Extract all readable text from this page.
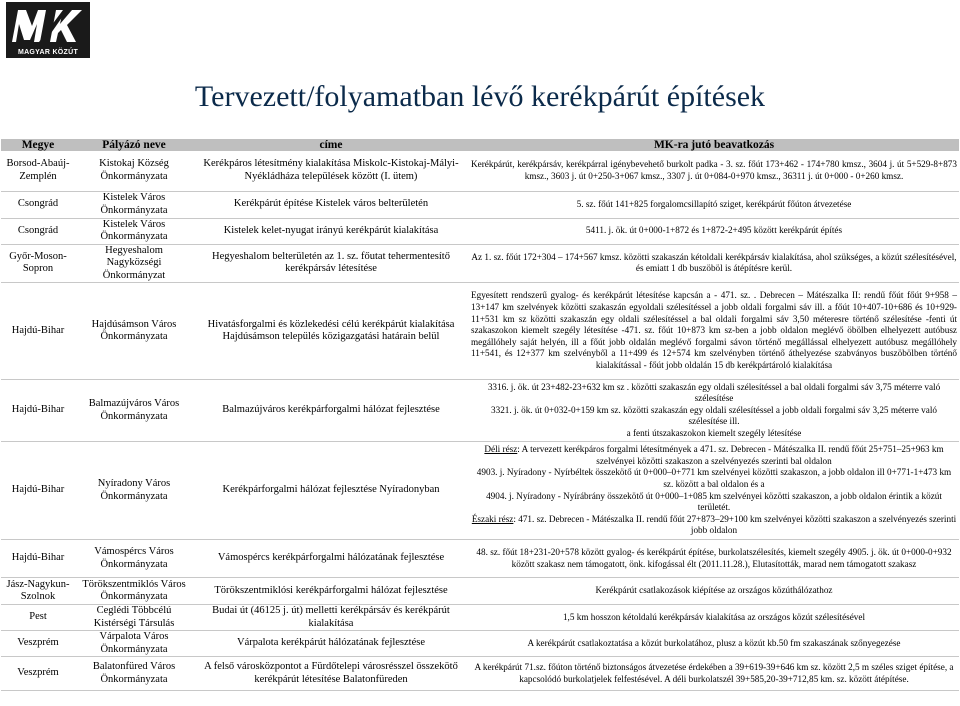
MAGYAR KÖZÚT
Tervezett/folyamatban lévő kerékpárút építések
Megye	Pályázó neve	címe	MK-ra jutó beavatkozás
Borsod-Abaúj-Zemplén	Kistokaj Község Önkormányzata	Kerékpáros létesítmény kialakítása Miskolc-Kistokaj-Mályi-Nyékládháza települések között (I. ütem)	Kerékpárút, kerékpársáv, kerékpárral igénybevehető burkolt padka - 3. sz. főút 173+462 - 174+780 kmsz., 3604 j. út 5+529-8+873 kmsz., 3603 j. út 0+250-3+067 kmsz., 3307 j. út 0+084-0+970 kmsz., 36311 j. út 0+000 - 0+260 kmsz.
Csongrád	Kistelek Város Önkormányzata	Kerékpárút építése Kistelek város belterületén	5. sz. főút 141+825 forgalomcsillapító sziget, kerékpárút főúton átvezetése
Csongrád	Kistelek Város Önkormányzata	Kistelek kelet-nyugat irányú kerékpárút kialakítása	5411. j. ök. út 0+000-1+872 és 1+872-2+495 között kerékpárút építés
Győr-Moson-Sopron	Hegyeshalom Nagyközségi Önkormányzat	Hegyeshalom belterületén az 1. sz. főutat tehermentesítő kerékpársáv létesítése	Az 1. sz. főút 172+304 – 174+567 kmsz. közötti szakaszán kétoldali kerékpársáv kialakítása, ahol szükséges, a közút szélesítésével, és emiatt 1 db buszöböl is átépítésre kerül.
Hajdú-Bihar	Hajdúsámson Város Önkormányzata	Hivatásforgalmi és közlekedési célú kerékpárút kialakítása Hajdúsámson település közigazgatási határain belül	Egyesített rendszerű gyalog- és kerékpárút létesítése kapcsán a - 471. sz. . Debrecen – Mátészalka II: rendű főút főút 9+958 – 13+147 km szelvények közötti szakaszán egyoldali szélesítéssel a jobb oldali forgalmi sáv ill. a főút 10+407-10+686 és 10+929-11+531 km sz közötti szakaszán egy oldali szélesítéssel a bal oldali forgalmi sáv 3,50 méteresre történő szélesítése -fenti út szakaszokon kiemelt szegély létesítése -471. sz. főút 10+873 km sz-ben a jobb oldalon meglévő öbölben elhelyezett autóbusz megállóhely saját helyén, ill a főút jobb oldalán meglévő forgalmi sávon történő megállással elhelyezett autóbusz megállóhely 11+541, és 12+377 km szelvényből a 11+499 és 12+574 km szelvényben történő áthelyezése szabványos buszöbölben történő kialakítással - főút jobb oldalán 15 db kerékpártároló kialakítása
Hajdú-Bihar	Balmazújváros Város Önkormányzata	Balmazújváros kerékpárforgalmi hálózat fejlesztése	3316. j. ök. út 23+482-23+632 km sz . közötti szakaszán egy oldali szélesítéssel a bal oldali forgalmi sáv 3,75 méterre való szélesítése
3321. j. ök. út 0+032-0+159 km sz. közötti szakaszán egy oldali szélesítéssel a jobb oldali forgalmi sáv 3,25 méterre való szélesítése ill.
a fenti útszakaszokon kiemelt szegély létesítése

Hajdú-Bihar	Nyíradony Város Önkormányzata	Kerékpárforgalmi hálózat fejlesztése Nyíradonyban	Déli rész: A tervezett kerékpáros forgalmi létesítmények a 471. sz. Debrecen - Mátészalka II. rendű főút 25+751–25+963 km szelvényei közötti szakaszon a szelvényezés szerinti bal oldalon
4903. j. Nyíradony - Nyírbéltek összekötő út 0+000–0+771 km szelvényei közötti szakaszon, a jobb oldalon ill 0+771-1+473 km sz. között a bal oldalon és a
4904. j. Nyíradony - Nyírábrány összekötő út 0+000–1+085 km szelvényei közötti szakaszon, a jobb oldalon érintik a közút területét.
Északi rész: 471. sz. Debrecen - Mátészalka II. rendű főút 27+873–29+100 km szelvényei közötti szakaszon a szelvényezés szerinti jobb oldalon

Hajdú-Bihar	Vámospércs Város Önkormányzata	Vámospércs kerékpárforgalmi hálózatának fejlesztése	48. sz. főút 18+231-20+578 között gyalog- és kerékpárút építése, burkolatszélesítés, kiemelt szegély 4905. j. ök. út 0+000-0+932 között szakasz nem támogatott, önk. kifogással élt (2011.11.28.), Elutasították, marad nem támogatott szakasz
Jász-Nagykun-Szolnok	Törökszentmiklós Város Önkormányzata	Törökszentmiklósi kerékpárforgalmi hálózat fejlesztése	Kerékpárút csatlakozások kiépítése az országos közúthálózathoz
Pest	Ceglédi Többcélú Kistérségi Társulás	Budai út (46125 j. út) melletti kerékpársáv és kerékpárút kialakítása	1,5 km hosszon kétoldalú kerékpársáv kialakítása az országos közút szélesítésével
Veszprém	Várpalota Város Önkormányzata	Várpalota kerékpárút hálózatának fejlesztése	A kerékpárút csatlakoztatása a közút burkolatához, plusz a közút kb.50 fm szakaszának szőnyegezése
Veszprém	Balatonfüred Város Önkormányzata	A felső városközpontot a Fürdőtelepi városrésszel összekötő kerékpárút létesítése Balatonfüreden	A kerékpárút 71.sz. főúton történő biztonságos átvezetése érdekében a 39+619-39+646 km sz. között 2,5 m széles sziget építése, a kapcsolódó burkolatjelek felfestésével. A déli burkolatszél 39+585,20-39+712,85 km. sz. között átépítése.
